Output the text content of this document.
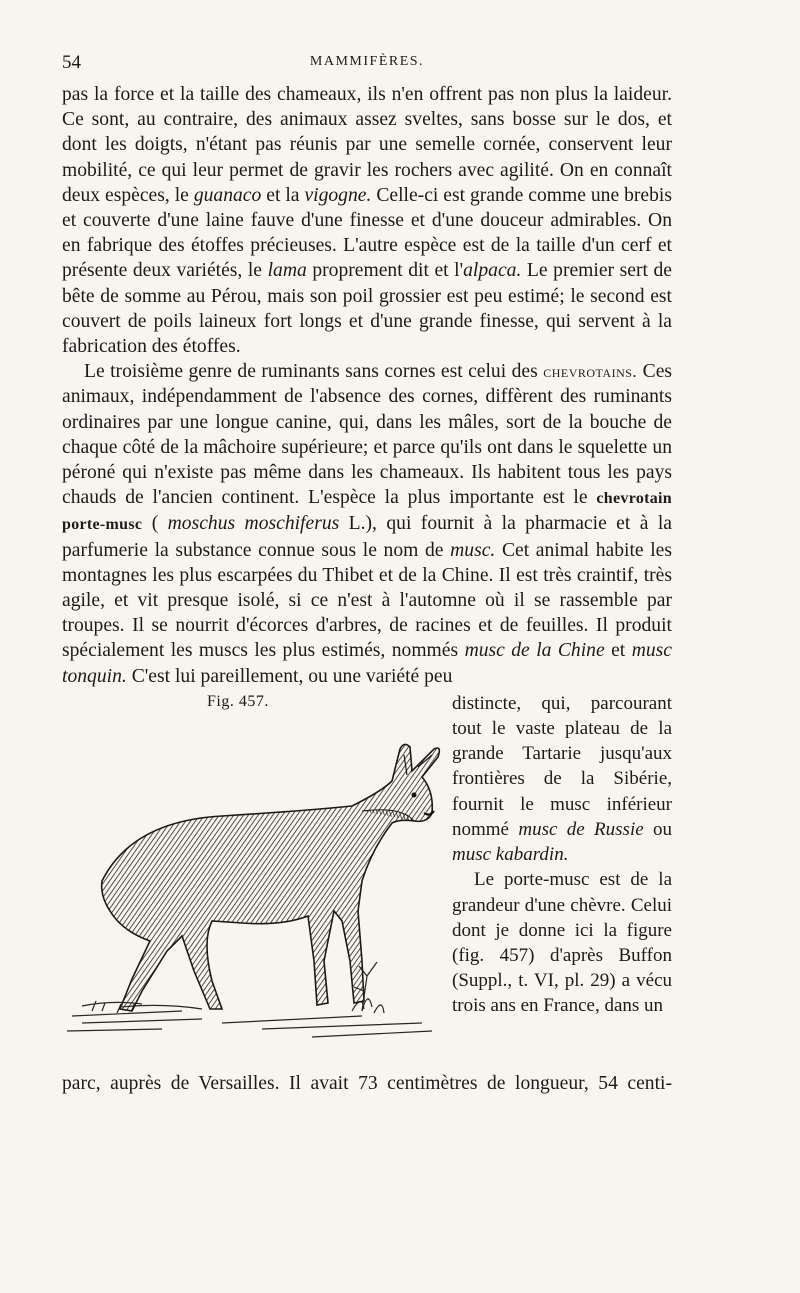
54	MAMMIFÈRES.

pas la force et la taille des chameaux, ils n'en offrent pas non plus la laideur. Ce sont, au contraire, des animaux assez sveltes, sans bosse sur le dos, et dont les doigts, n'étant pas réunis par une semelle cornée, conservent leur mobilité, ce qui leur permet de gravir les rochers avec agilité. On en connaît deux espèces, le guanaco et la vigogne. Celle-ci est grande comme une brebis et couverte d'une laine fauve d'une finesse et d'une douceur admirables. On en fabrique des étoffes précieuses. L'autre espèce est de la taille d'un cerf et présente deux variétés, le lama proprement dit et l'alpaca. Le premier sert de bête de somme au Pérou, mais son poil grossier est peu estimé; le second est couvert de poils laineux fort longs et d'une grande finesse, qui servent à la fabrication des étoffes.

Le troisième genre de ruminants sans cornes est celui des chevrotains. Ces animaux, indépendamment de l'absence des cornes, diffèrent des ruminants ordinaires par une longue canine, qui, dans les mâles, sort de la bouche de chaque côté de la mâchoire supérieure; et parce qu'ils ont dans le squelette un péroné qui n'existe pas même dans les chameaux. Ils habitent tous les pays chauds de l'ancien continent. L'espèce la plus importante est le chevrotain porte-musc ( moschus moschiferus L.), qui fournit à la pharmacie et à la parfumerie la substance connue sous le nom de musc. Cet animal habite les montagnes les plus escarpées du Thibet et de la Chine. Il est très craintif, très agile, et vit presque isolé, si ce n'est à l'automne où il se rassemble par troupes. Il se nourrit d'écorces d'arbres, de racines et de feuilles. Il produit spécialement les muscs les plus estimés, nommés musc de la Chine et musc tonquin. C'est lui pareillement, ou une variété peu

Fig. 457.	distincte, qui, parcourant tout le vaste plateau de la grande Tartarie jusqu'aux frontières de la Sibérie, fournit le musc inférieur nommé musc de Russie ou musc kabardin.

Le porte-musc est de la grandeur d'une chèvre. Celui dont je donne ici la figure (fig. 457) d'après Buffon (Suppl., t. VI, pl. 29) a vécu trois ans en France, dans un

parc, auprès de Versailles. Il avait 73 centimètres de longueur, 54 centi-
